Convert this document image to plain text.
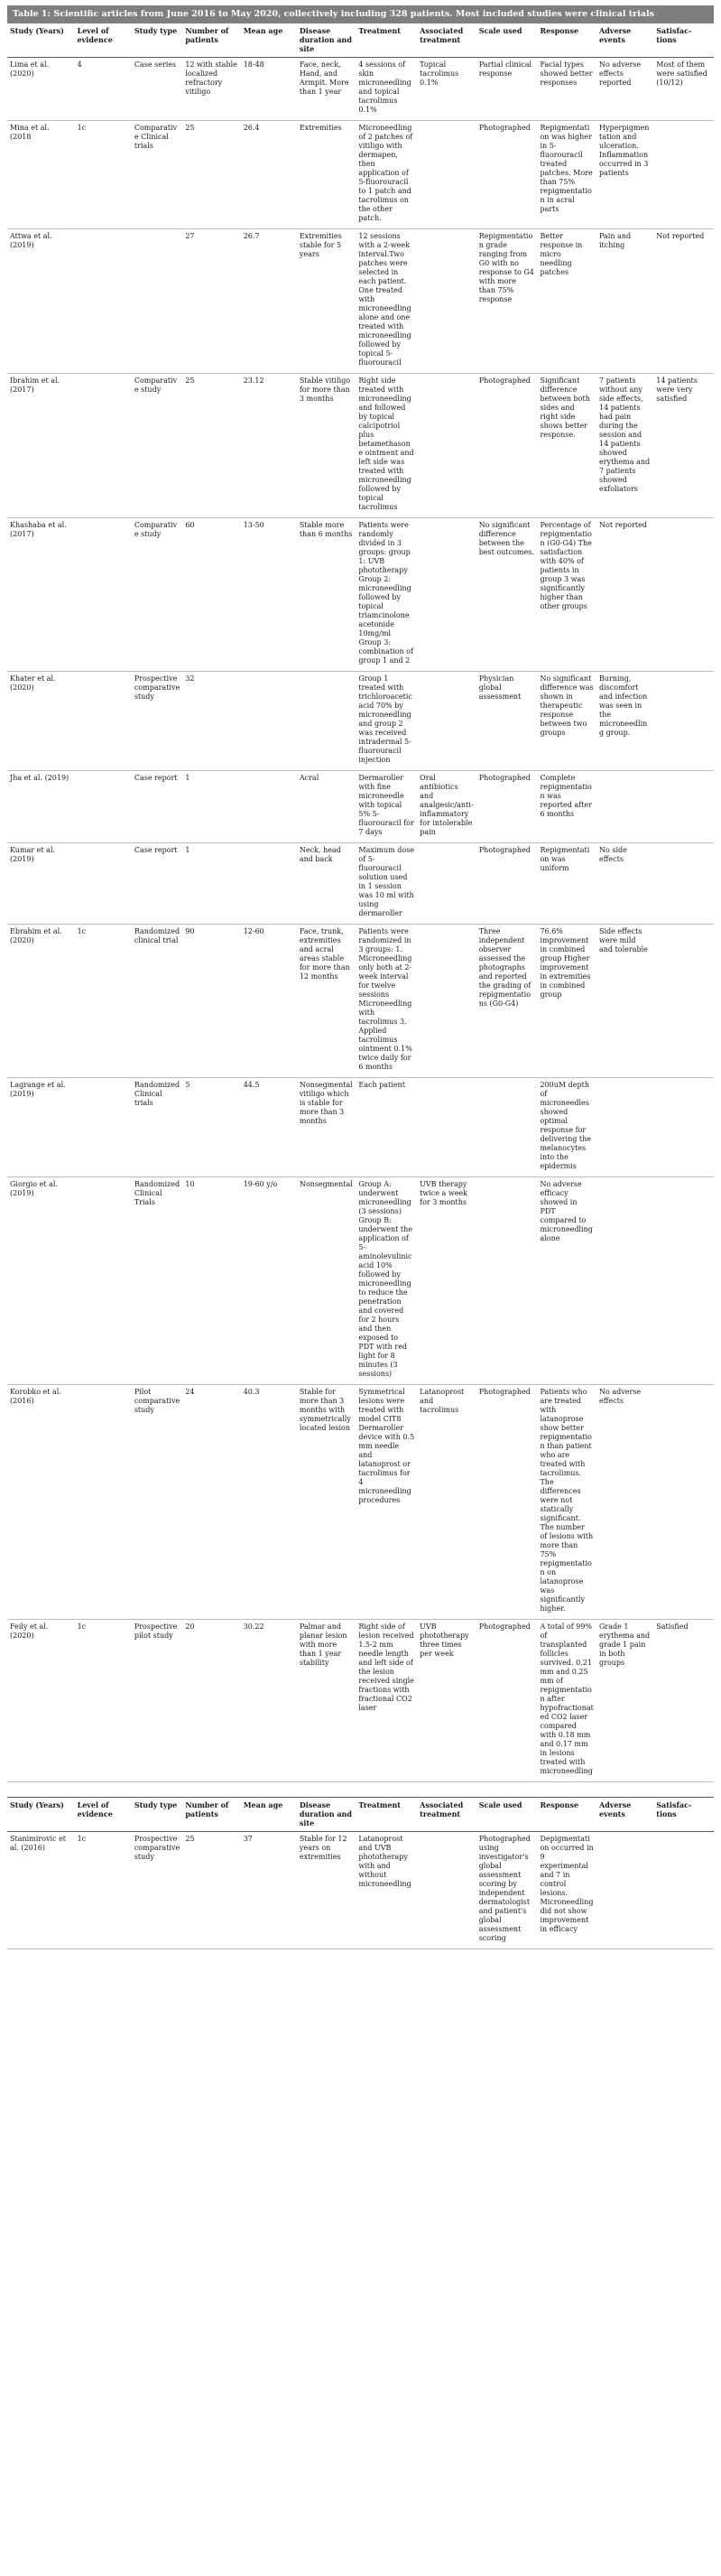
Table 1: Scientific articles from June 2016 to May 2020, collectively including 328 patients. Most included studies were clinical trials
Study (Years)	Level of evidence	Study type	Number of patients	Mean age	Disease duration and site	Treatment	Associated treatment	Scale used	Response	Adverse events	Satisfac-tions

Lima et al. (2020)	4	Case series	12 with stable localized refractory vitiligo	18-48	Face, neck, Hand, and Armpit. More than 1 year	4 sessions of skin microneedling and topical tacrolimus 0.1%	Topical tacrolimus 0.1%	Partial clinical response	Facial types showed better responses	No adverse effects reported	Most of them were satisfied (10/12)

Mina et al. (2018	1c	Comparative Clinical trials	25	26.4	Extremities	Microneedling of 2 patches of vitiligo with dermapen, then application of 5-fluorouracil to 1 patch and tacrolimus on the other patch.		Photographed	Repigmentation was higher in 5-fluorouracil treated patches. More than 75% repigmentation in acral parts	Hyperpigmentation and ulceration. Inflammation occurred in 3 patients	

Attwa et al. (2019)			27	26.7	Extremities stable for 5 years	12 sessions with a 2-week interval.Two patches were selected in each patient. One treated with microneedling alone and one treated with microneedling followed by topical 5-fluorouracil		Repigmentation grade ranging from G0 with no response to G4 with more than 75% response	Better response in micro needling patches	Pain and itching	Not reported

Ibrahim et al. (2017)		Comparative study	25	23.12	Stable vitiligo for more than 3 months	Right side treated with microneedling and followed by topical calcipotriol plus betamethasone ointment and left side was treated with microneedling followed by topical tacrolimus		Photographed	Significant difference between both sides and right side shows better response.	7 patients without any side effects, 14 patients had pain during the session and 14 patients showed erythema and 7 patients showed exfoliators	14 patients were very satisfied

Khashaba et al. (2017)		Comparative study	60	13-50	Stable more than 6 months	Patients were randomly divided in 3 groups: group 1: UVB phototherapy Group 2: microneedling followed by topical triamcinolone acetonide 10mg/ml Group 3: combination of group 1 and 2		No significant difference between the best outcomes.	Percentage of repigmentation (G0-G4) The satisfaction with 40% of patients in group 3 was significantly higher than other groups	Not reported	

Khater et al. (2020)		Prospective comparative study	32			Group 1 treated with trichloroacetic acid 70% by microneedling and group 2 was received intradermal 5-fluorouracil injection		Physician global assessment	No significant difference was shown in therapeutic response between two groups	Burning, discomfort and infection was seen in the microneedling group.	

Jha et al. (2019)		Case report	1		Acral	Dermaroller with fine microneedle with topical 5% 5-fluorouracil for 7 days	Oral antibiotics and analgesic/anti-inflammatory for intolerable pain	Photographed	Complete repigmentation was reported after 6 months		

Kumar et al. (2019)		Case report	1		Neck, head and back	Maximum dose of 5-fluorouracil solution used in 1 session was 10 ml with using dermaroller		Photographed	Repigmentation was uniform	No side effects	

Ebrahim et al. (2020)	1c	Randomized clinical trial	90	12-60	Face, trunk, extremities and acral areas stable for more than 12 months	Patients were randomized in 3 groups: 1. Microneedling only both at 2-week interval for twelve sessions Microneedling with tacrolimus 3. Applied tacrolimus ointment 0.1% twice daily for 6 months		Three independent observer assessed the photographs and reported the grading of repigmentations (G0-G4)	76.6% improvement in combined group Higher improvement in extremities in combined group	Side effects were mild and tolerable	

Lagrange et al. (2019)		Randomized Clinical trials	5	44.5	Nonsegmental vitiligo which is stable for more than 3 months	Each patient			200uM depth of microneedles showed optimal response for delivering the melanocytes into the epidermis		

Giorgio et al. (2019)		Randomized Clinical Trials	10	19-60 y/o	Nonsegmental	Group A: underwent microneedling (3 sessions) Group B: underwent the application of 5-aminolevulinic acid 10% followed by microneedling to reduce the penetration and covered for 2 hours and then exposed to PDT with red light for 8 minutes (3 sessions)	UVB therapy twice a week for 3 months		No adverse efficacy showed in PDT compared to microneedling alone		

Korobko et al. (2016)		Pilot comparative study	24	40.3	Stable for more than 3 months with symmetrically located lesion	Symmetrical lesions were treated with model CIT8 Dermaroller device with 0.5 mm needle and latanoprost or tacrolimus for 4 microneedling procedures	Latanoprost and tacrolimus	Photographed	Patients who are treated with latanoprose show better repigmentation than patient who are treated with tacrolimus. The differences were not statically significant. The number of lesions with more than 75% repigmentation on latanoprose was significantly higher.	No adverse effects	

Feily et al. (2020)	1c	Prospective pilot study	20	30.22	Palmar and planar lesion with more than 1 year stability	Right side of lesion received 1.5-2 mm needle length and left side of the lesion received single fractions with fractional CO2 laser	UVB phototherapy three times per week	Photographed	A total of 99% of transplanted follicles survived. 0.21 mm and 0.25 mm of repigmentation after hypofractionated CO2 laser compared with 0.18 mm and 0.17 mm in lesions treated with microneedling	Grade 1 erythema and grade 1 pain in both groups	Satisfied
Study (Years)	Level of evidence	Study type	Number of patients	Mean age	Disease duration and site	Treatment	Associated treatment	Scale used	Response	Adverse events	Satisfac-tions

Stanimirovic et al. (2016)	1c	Prospective comparative study	25	37	Stable for 12 years on extremities	Latanoprost and UVB phototherapy with and without microneedling		Photographed using investigator's global assessment scoring by independent dermatologist and patient's global assessment scoring	Depigmentation occurred in 9 experimental and 7 in control lesions. Microneedling did not show improvement in efficacy		
